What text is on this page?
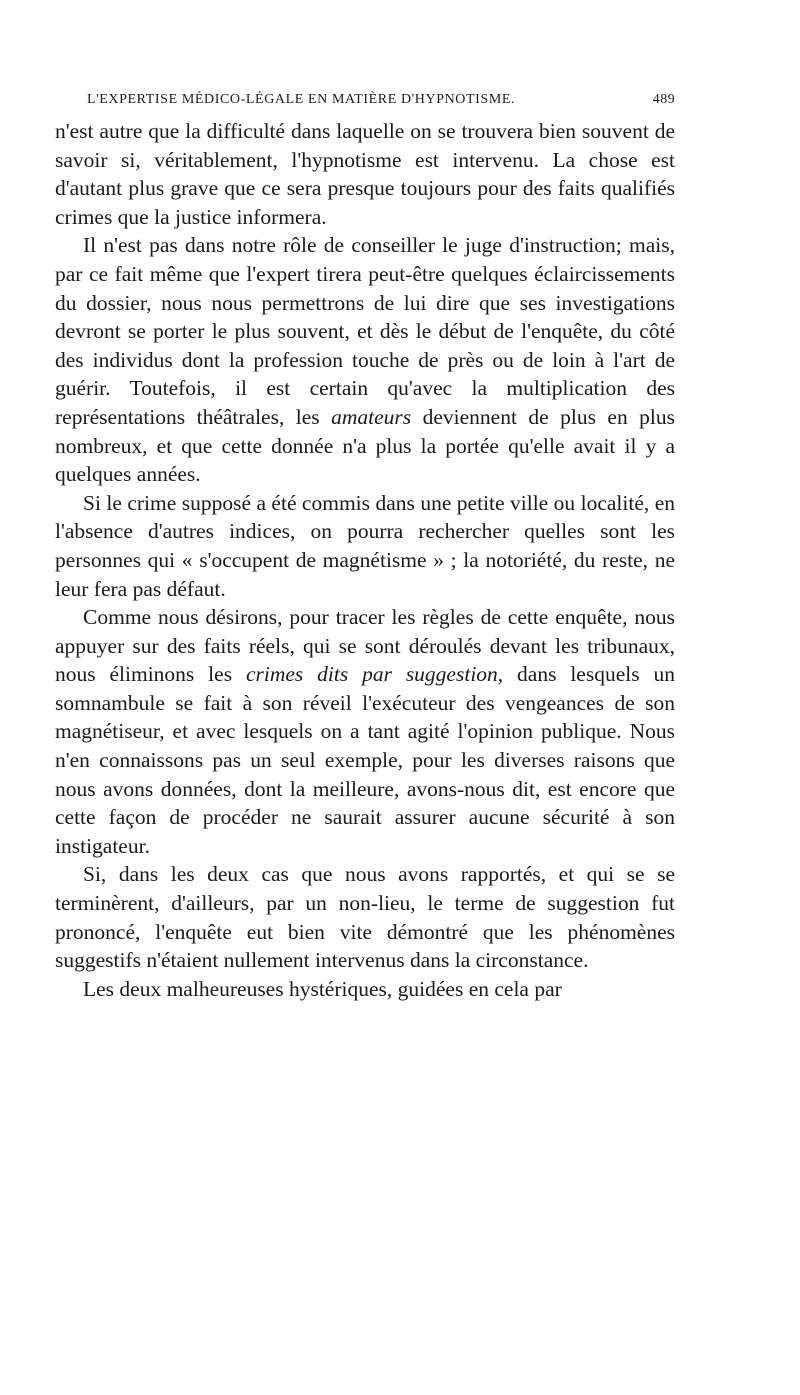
L'EXPERTISE MÉDICO-LÉGALE EN MATIÈRE D'HYPNOTISME.	489

n'est autre que la difficulté dans laquelle on se trouvera bien souvent de savoir si, véritablement, l'hypnotisme est intervenu. La chose est d'autant plus grave que ce sera presque toujours pour des faits qualifiés crimes que la justice informera.

Il n'est pas dans notre rôle de conseiller le juge d'instruction; mais, par ce fait même que l'expert tirera peut-être quelques éclaircissements du dossier, nous nous permettrons de lui dire que ses investigations devront se porter le plus souvent, et dès le début de l'enquête, du côté des individus dont la profession touche de près ou de loin à l'art de guérir. Toutefois, il est certain qu'avec la multiplication des représentations théâtrales, les amateurs deviennent de plus en plus nombreux, et que cette donnée n'a plus la portée qu'elle avait il y a quelques années.

Si le crime supposé a été commis dans une petite ville ou localité, en l'absence d'autres indices, on pourra rechercher quelles sont les personnes qui « s'occupent de magnétisme » ; la notoriété, du reste, ne leur fera pas défaut.

Comme nous désirons, pour tracer les règles de cette enquête, nous appuyer sur des faits réels, qui se sont déroulés devant les tribunaux, nous éliminons les crimes dits par suggestion, dans lesquels un somnambule se fait à son réveil l'exécuteur des vengeances de son magnétiseur, et avec lesquels on a tant agité l'opinion publique. Nous n'en connaissons pas un seul exemple, pour les diverses raisons que nous avons données, dont la meilleure, avons-nous dit, est encore que cette façon de procéder ne saurait assurer aucune sécurité à son instigateur.

Si, dans les deux cas que nous avons rapportés, et qui se se terminèrent, d'ailleurs, par un non-lieu, le terme de suggestion fut prononcé, l'enquête eut bien vite démontré que les phénomènes suggestifs n'étaient nullement intervenus dans la circonstance.

Les deux malheureuses hystériques, guidées en cela par
